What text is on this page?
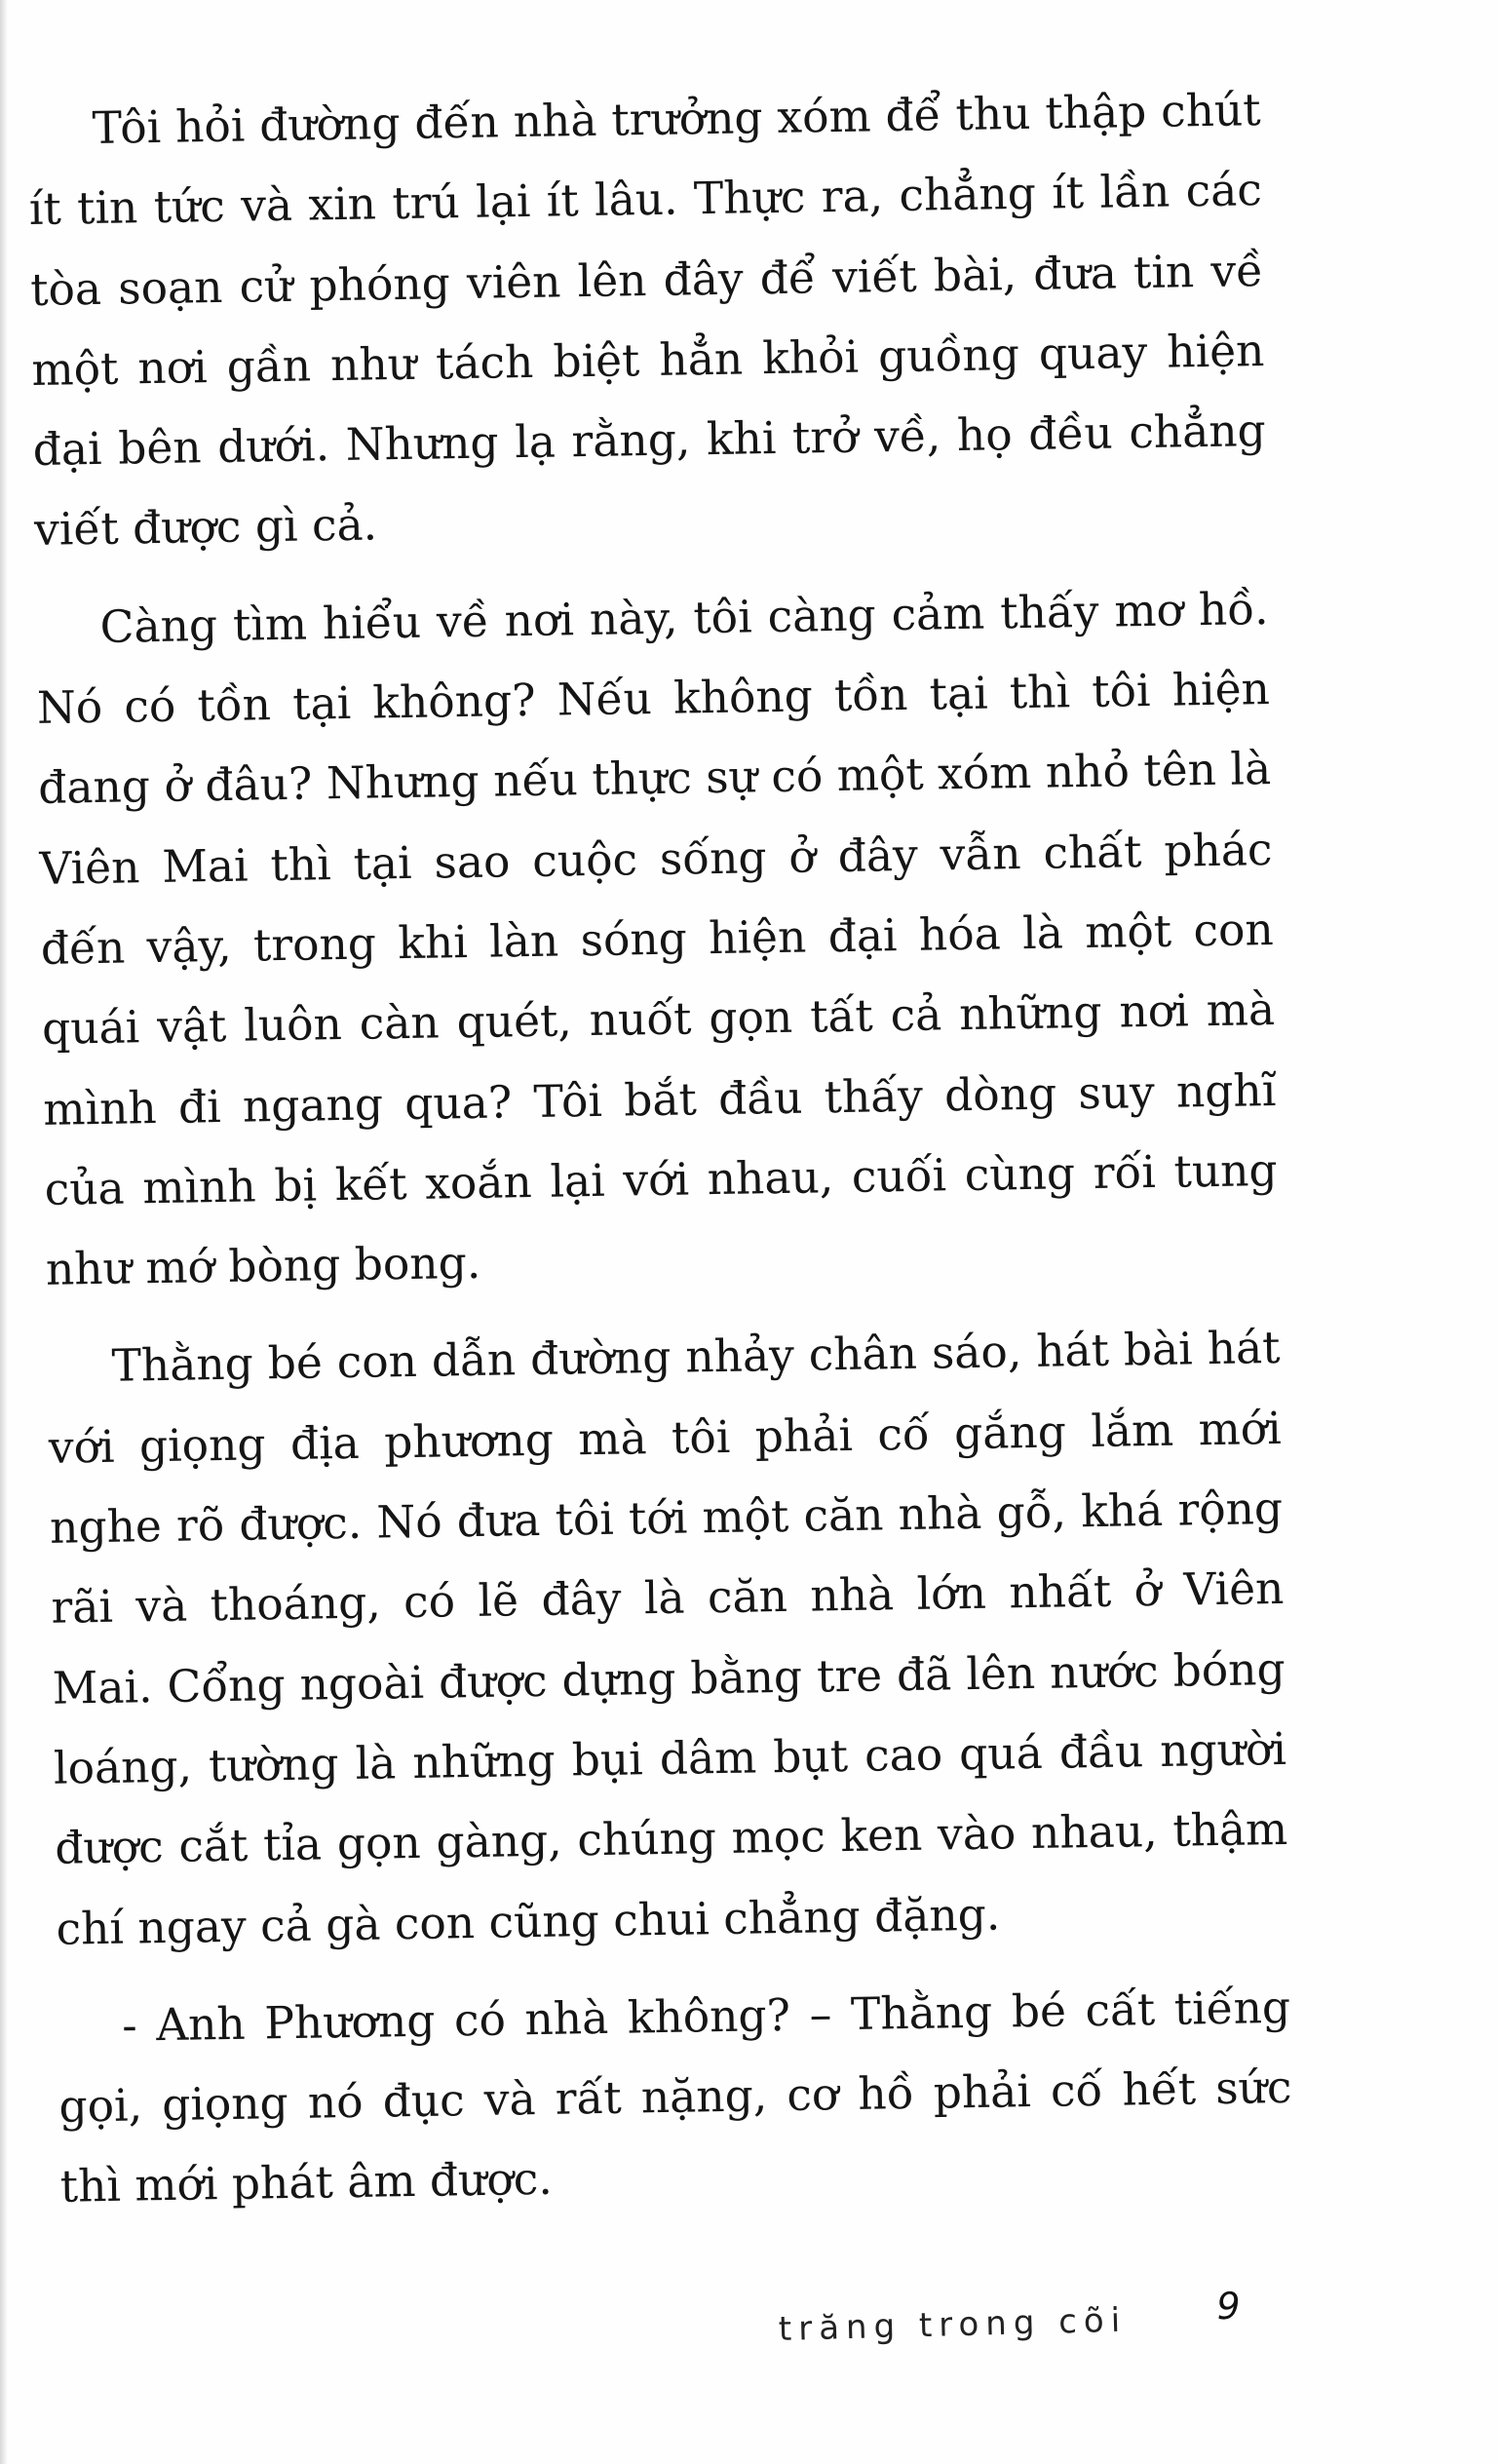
Tôi hỏi đường đến nhà trưởng xóm để thu thập chút ít tin tức và xin trú lại ít lâu. Thực ra, chẳng ít lần các tòa soạn cử phóng viên lên đây để viết bài, đưa tin về một nơi gần như tách biệt hẳn khỏi guồng quay hiện đại bên dưới. Nhưng lạ rằng, khi trở về, họ đều chẳng viết được gì cả.

Càng tìm hiểu về nơi này, tôi càng cảm thấy mơ hồ. Nó có tồn tại không? Nếu không tồn tại thì tôi hiện đang ở đâu? Nhưng nếu thực sự có một xóm nhỏ tên là Viên Mai thì tại sao cuộc sống ở đây vẫn chất phác đến vậy, trong khi làn sóng hiện đại hóa là một con quái vật luôn càn quét, nuốt gọn tất cả những nơi mà mình đi ngang qua? Tôi bắt đầu thấy dòng suy nghĩ của mình bị kết xoắn lại với nhau, cuối cùng rối tung như mớ bòng bong.

Thằng bé con dẫn đường nhảy chân sáo, hát bài hát với giọng địa phương mà tôi phải cố gắng lắm mới nghe rõ được. Nó đưa tôi tới một căn nhà gỗ, khá rộng rãi và thoáng, có lẽ đây là căn nhà lớn nhất ở Viên Mai. Cổng ngoài được dựng bằng tre đã lên nước bóng loáng, tường là những bụi dâm bụt cao quá đầu người được cắt tỉa gọn gàng, chúng mọc ken vào nhau, thậm chí ngay cả gà con cũng chui chẳng đặng.

- Anh Phương có nhà không? – Thằng bé cất tiếng gọi, giọng nó đục và rất nặng, cơ hồ phải cố hết sức thì mới phát âm được.

trăng trong cõi 9
